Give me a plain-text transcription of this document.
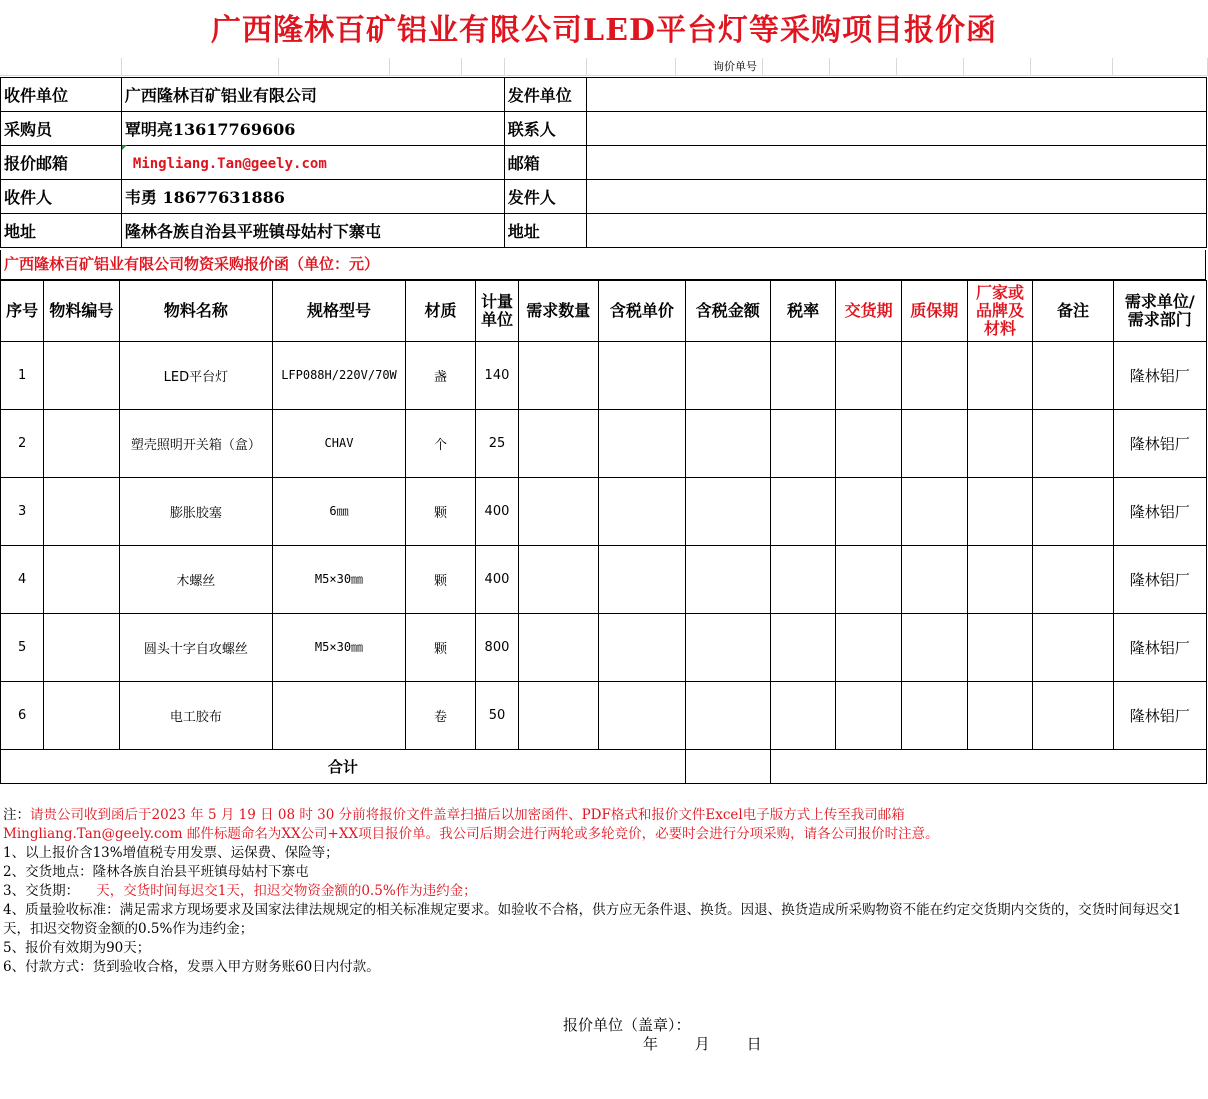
广西隆林百矿铝业有限公司LED平台灯等采购项目报价函
询价单号
收件单位	广西隆林百矿铝业有限公司	发件单位	
采购员	覃明亮13617769606	联系人	
报价邮箱	Mingliang.Tan@geely.com	邮箱	
收件人	韦勇 18677631886	发件人	
地址	隆林各族自治县平班镇母姑村下寨屯	地址	
广西隆林百矿铝业有限公司物资采购报价函（单位：元）
序号	物料编号	物料名称	规格型号	材质	计量单位	需求数量	含税单价	含税金额	税率	交货期	质保期	厂家或品牌及材料	备注	需求单位/需求部门
1		LED平台灯	LFP088H/220V/70W	盏	140									隆林铝厂
2		塑壳照明开关箱（盒）	CHAV	个	25									隆林铝厂
3		膨胀胶塞	6㎜	颗	400									隆林铝厂
4		木螺丝	M5×30㎜	颗	400									隆林铝厂
5		圆头十字自攻螺丝	M5×30㎜	颗	800									隆林铝厂
6		电工胶布		卷	50									隆林铝厂
合计														
注：请贵公司收到函后于2023 年 5 月 19 日 08 时 30 分前将报价文件盖章扫描后以加密函件、PDF格式和报价文件Excel电子版方式上传至我司邮箱
Mingliang.Tan@geely.com 邮件标题命名为XX公司+XX项目报价单。我公司后期会进行两轮或多轮竞价，必要时会进行分项采购，请各公司报价时注意。
1、以上报价含13%增值税专用发票、运保费、保险等；
2、交货地点：隆林各族自治县平班镇母姑村下寨屯
3、交货期：    天，交货时间每迟交1天，扣迟交物资金额的0.5%作为违约金；
4、质量验收标准：满足需求方现场要求及国家法律法规规定的相关标准规定要求。如验收不合格，供方应无条件退、换货。因退、换货造成所采购物资不能在约定交货期内交货的，交货时间每迟交1天，扣迟交物资金额的0.5%作为违约金；
5、报价有效期为90天；
6、付款方式：货到验收合格，发票入甲方财务账60日内付款。
报价单位（盖章）：
年 月 日
